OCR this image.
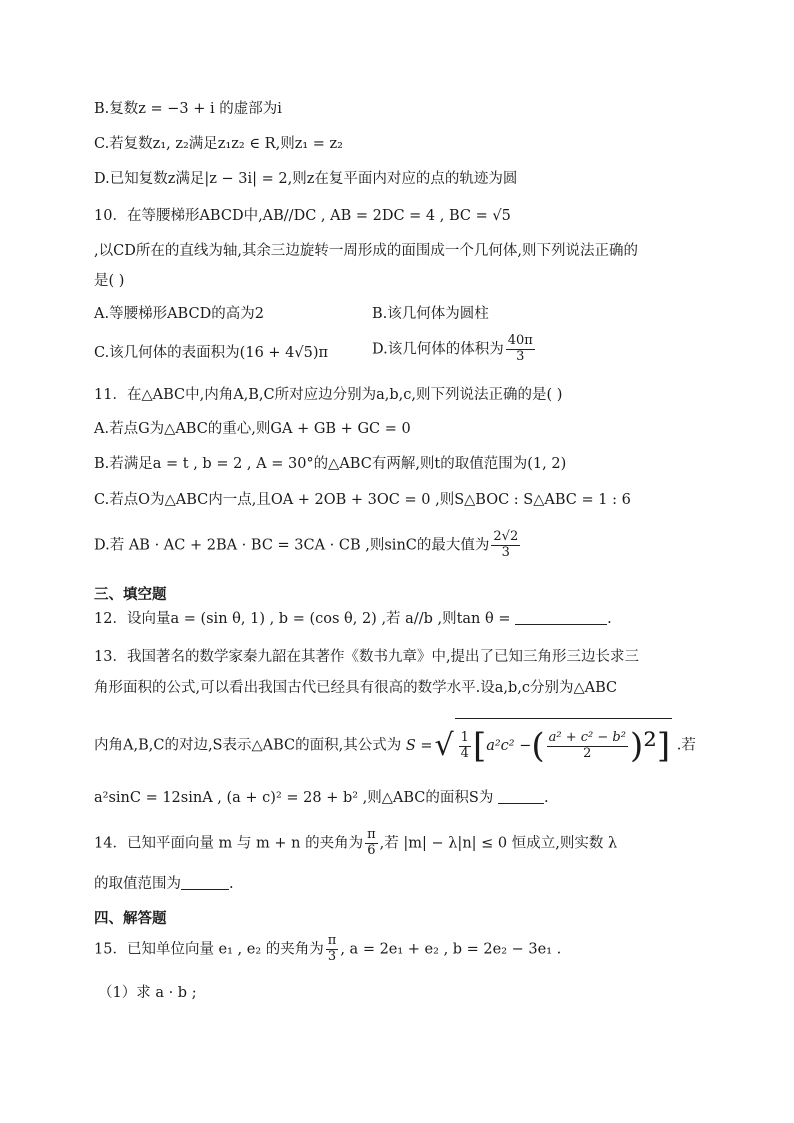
B.复数z = −3 + i 的虚部为i
C.若复数z₁, z₂满足z₁z₂ ∈ R,则z₁ = z₂
D.已知复数z满足|z − 3i| = 2,则z在复平面内对应的点的轨迹为圆
10．在等腰梯形ABCD中,AB//DC , AB = 2DC = 4 , BC = √5
,以CD所在的直线为轴,其余三边旋转一周形成的面围成一个几何体,则下列说法正确的
是( )
A.等腰梯形ABCD的高为2	B.该几何体为圆柱
C.该几何体的表面积为(16 + 4√5)π	D.该几何体的体积为 $\frac{40\pi}{3}$
11．在△ABC中,内角A,B,C所对应边分别为a,b,c,则下列说法正确的是( )
A.若点G为△ABC的重心,则GA + GB + GC = 0
B.若满足a = t , b = 2 , A = 30°的△ABC有两解,则t的取值范围为(1, 2)
C.若点O为△ABC内一点,且OA + 2OB + 3OC = 0 ,则S△BOC : S△ABC = 1 : 6
D.若 AB · AC + 2BA · BC = 3CA · CB ,则sinC的最大值为 $\frac{2√2}{3}$
三、填空题
12．设向量a = (sin θ, 1) , b = (cos θ, 2) ,若 a//b ,则tan θ =	.
13．我国著名的数学家秦九韶在其著作《数书九章》中,提出了已知三角形三边长求三
角形面积的公式,可以看出我国古代已经具有很高的数学水平.设a,b,c分别为△ABC
内角A,B,C的对边,S表示△ABC的面积,其公式为 S = √ $\frac{1}{4}$ [ a²c² − ( $\frac{\text{a² + c² − b²}}{2} )^2$ ] .若
a²sinC = 12sinA , (a + c)² = 28 + b² ,则△ABC的面积S为	.
14．已知平面向量 m 与 m + n 的夹角为 $\frac{\pi}{6}$ ,若 |m| − λ|n| ≤ 0 恒成立,则实数 λ
的取值范围为	.
四、解答题
15．已知单位向量 e₁ , e₂ 的夹角为 $\frac{\pi}{3}$ , a = 2e₁ + e₂ , b = 2e₂ − 3e₁ .
（1）求 a · b ;
